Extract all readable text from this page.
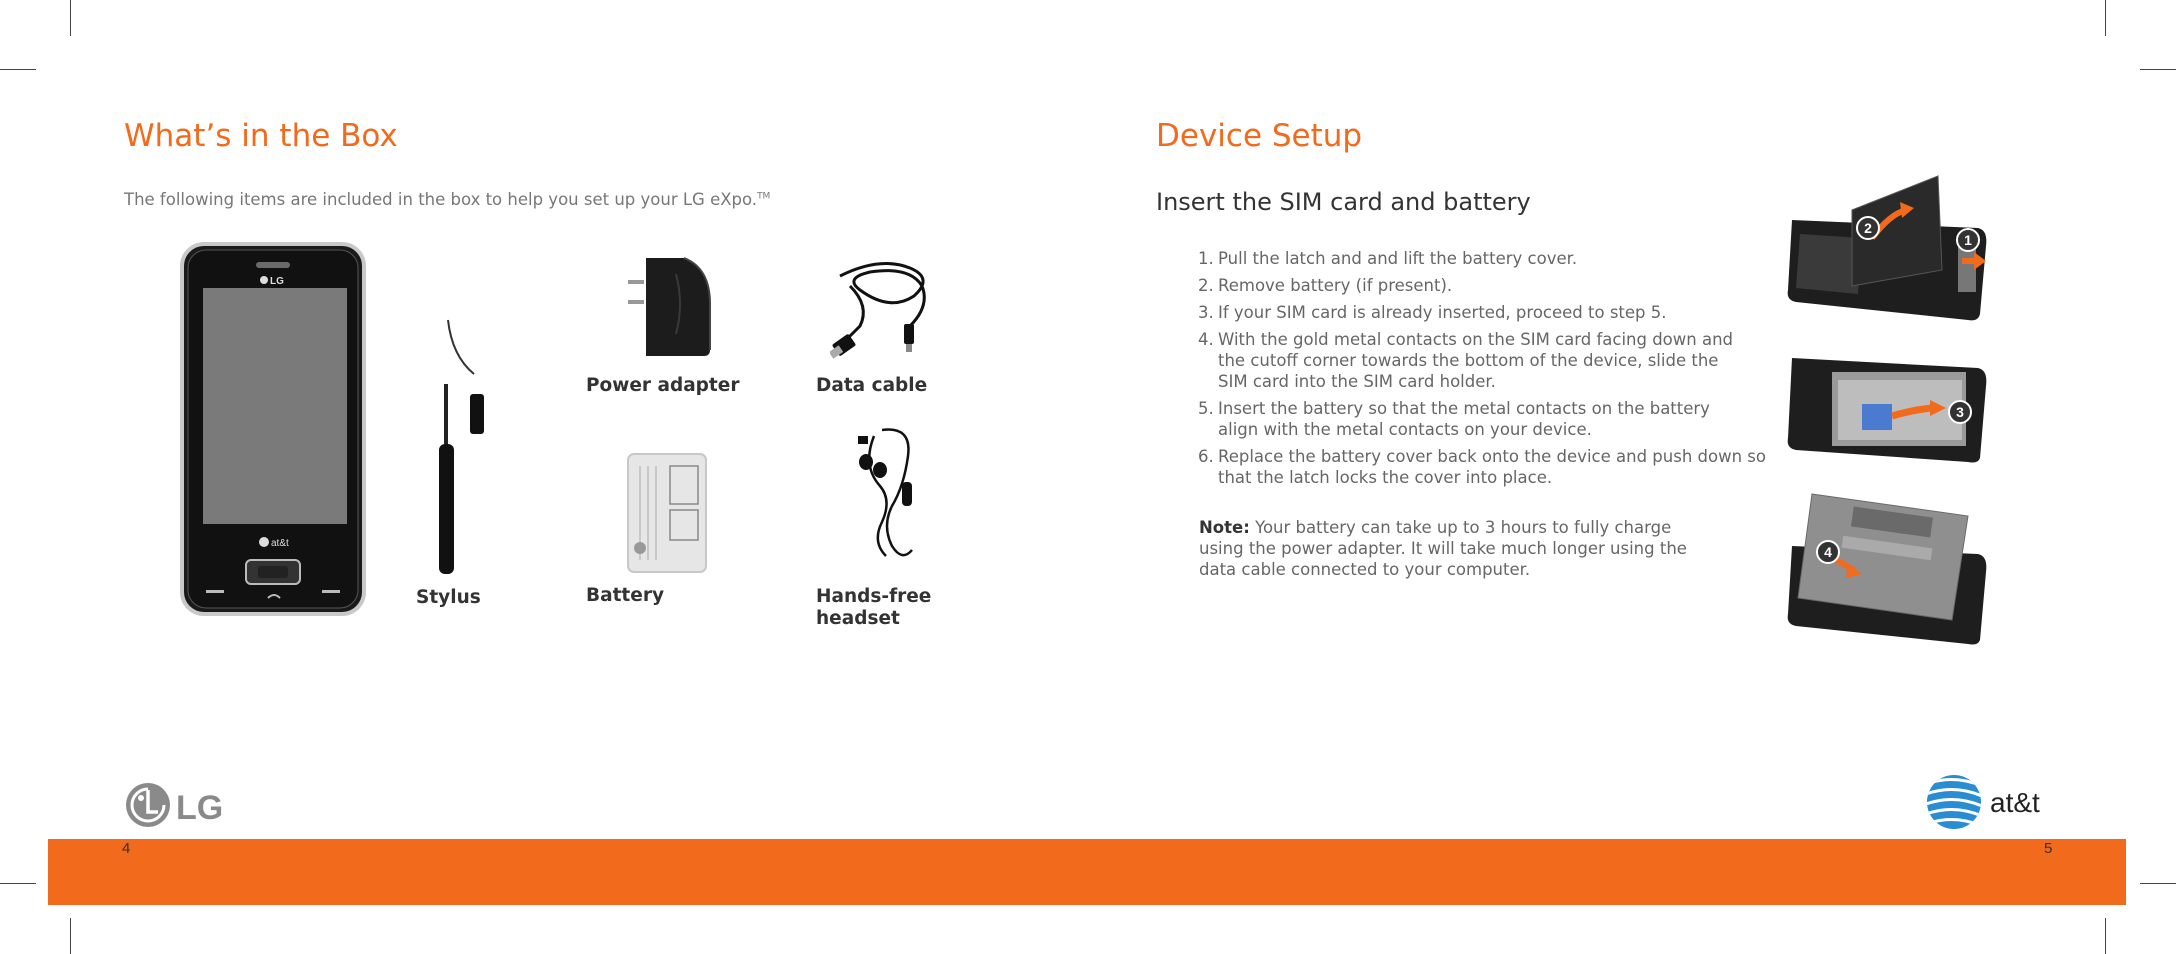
What’s in the Box
The following items are included in the box to help you set up your LG eXpo.™
LG
at&t
Stylus
Power adapter	Data cable
Battery	Hands-free
headset
LG
Device Setup
Insert the SIM card and battery
1. Pull the latch and and lift the battery cover.
2. Remove battery (if present).
3. If your SIM card is already inserted, proceed to step 5.
4. With the gold metal contacts on the SIM card facing down and the cutoff corner towards the bottom of the device, slide the SIM card into the SIM card holder.
5. Insert the battery so that the metal contacts on the battery align with the metal contacts on your device.
6. Replace the battery cover back onto the device and push down so that the latch locks the cover into place.
Note: Your battery can take up to 3 hours to fully charge using the power adapter. It will take much longer using the data cable connected to your computer.
2
1
3
4
at&t
4	5
